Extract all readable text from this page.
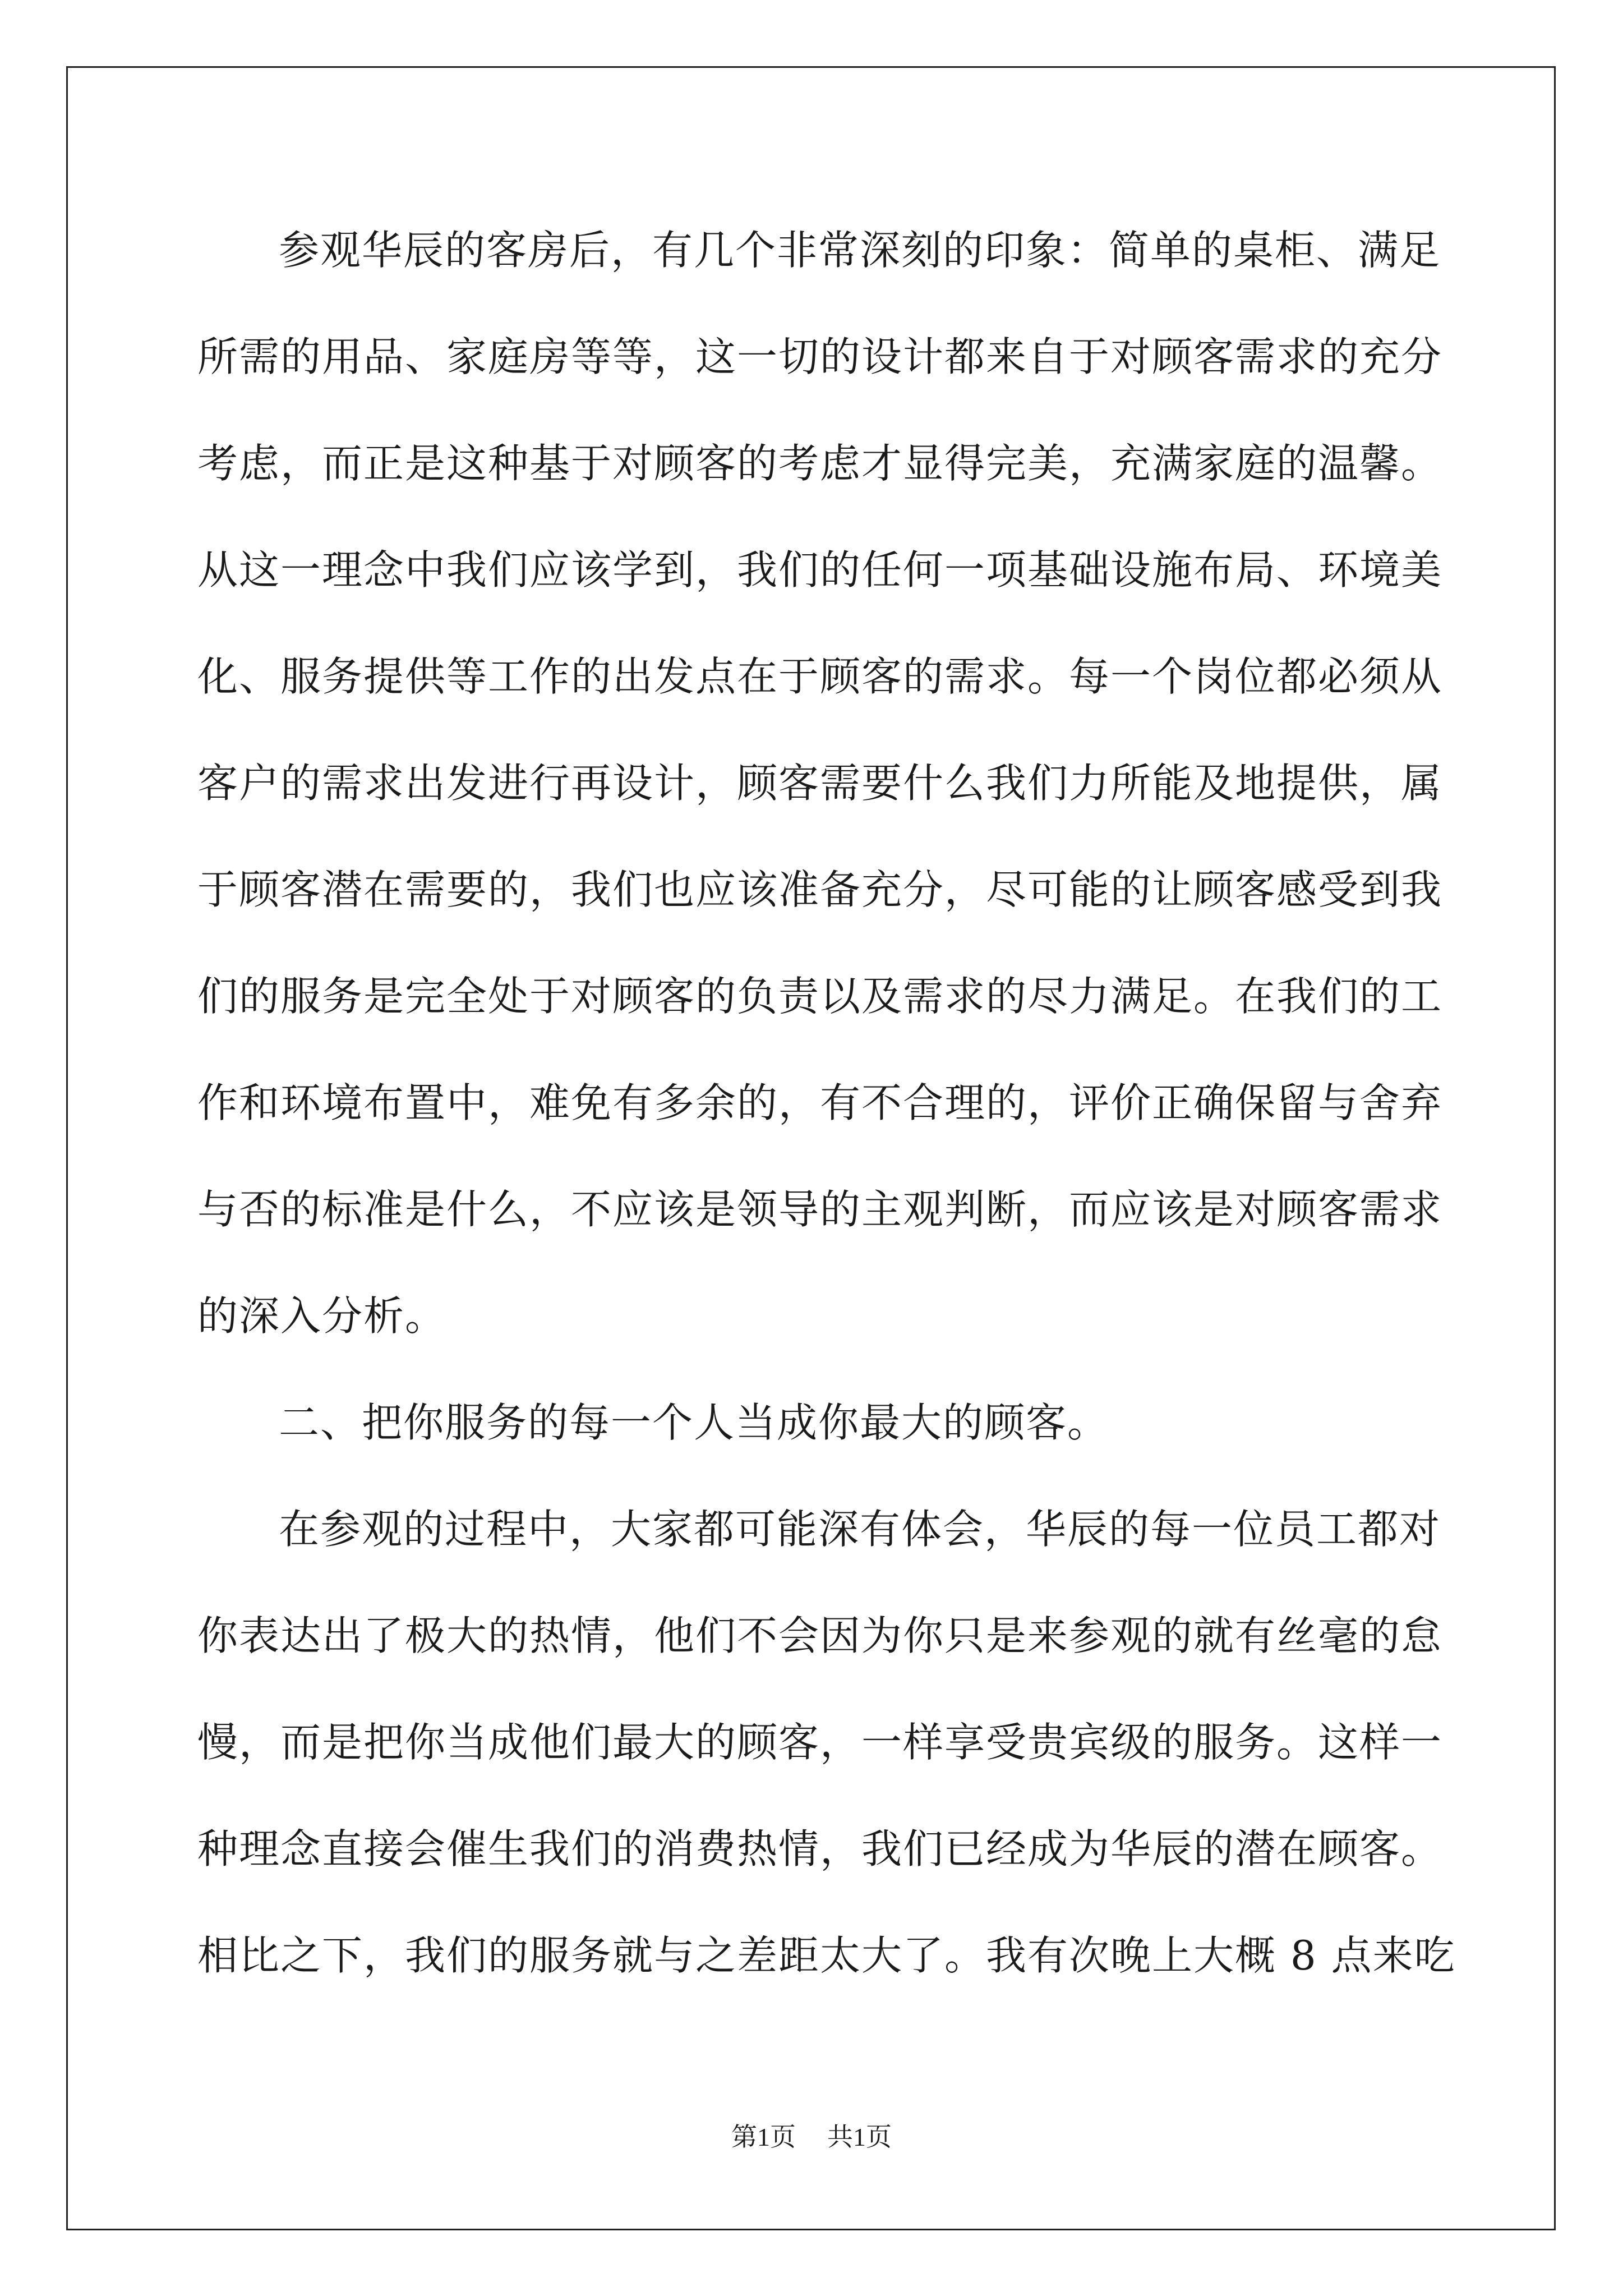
参观华辰的客房后，有几个非常深刻的印象：简单的桌柜、满足
所需的用品、家庭房等等，这一切的设计都来自于对顾客需求的充分
考虑，而正是这种基于对顾客的考虑才显得完美，充满家庭的温馨。
从这一理念中我们应该学到，我们的任何一项基础设施布局、环境美
化、服务提供等工作的出发点在于顾客的需求。每一个岗位都必须从
客户的需求出发进行再设计，顾客需要什么我们力所能及地提供，属
于顾客潜在需要的，我们也应该准备充分，尽可能的让顾客感受到我
们的服务是完全处于对顾客的负责以及需求的尽力满足。在我们的工
作和环境布置中，难免有多余的，有不合理的，评价正确保留与舍弃
与否的标准是什么，不应该是领导的主观判断，而应该是对顾客需求
的深入分析。
二、把你服务的每一个人当成你最大的顾客。
在参观的过程中，大家都可能深有体会，华辰的每一位员工都对
你表达出了极大的热情，他们不会因为你只是来参观的就有丝毫的怠
慢，而是把你当成他们最大的顾客，一样享受贵宾级的服务。这样一
种理念直接会催生我们的消费热情，我们已经成为华辰的潜在顾客。
相比之下，我们的服务就与之差距太大了。我有次晚上大概 8 点来吃
第1页 共1页
